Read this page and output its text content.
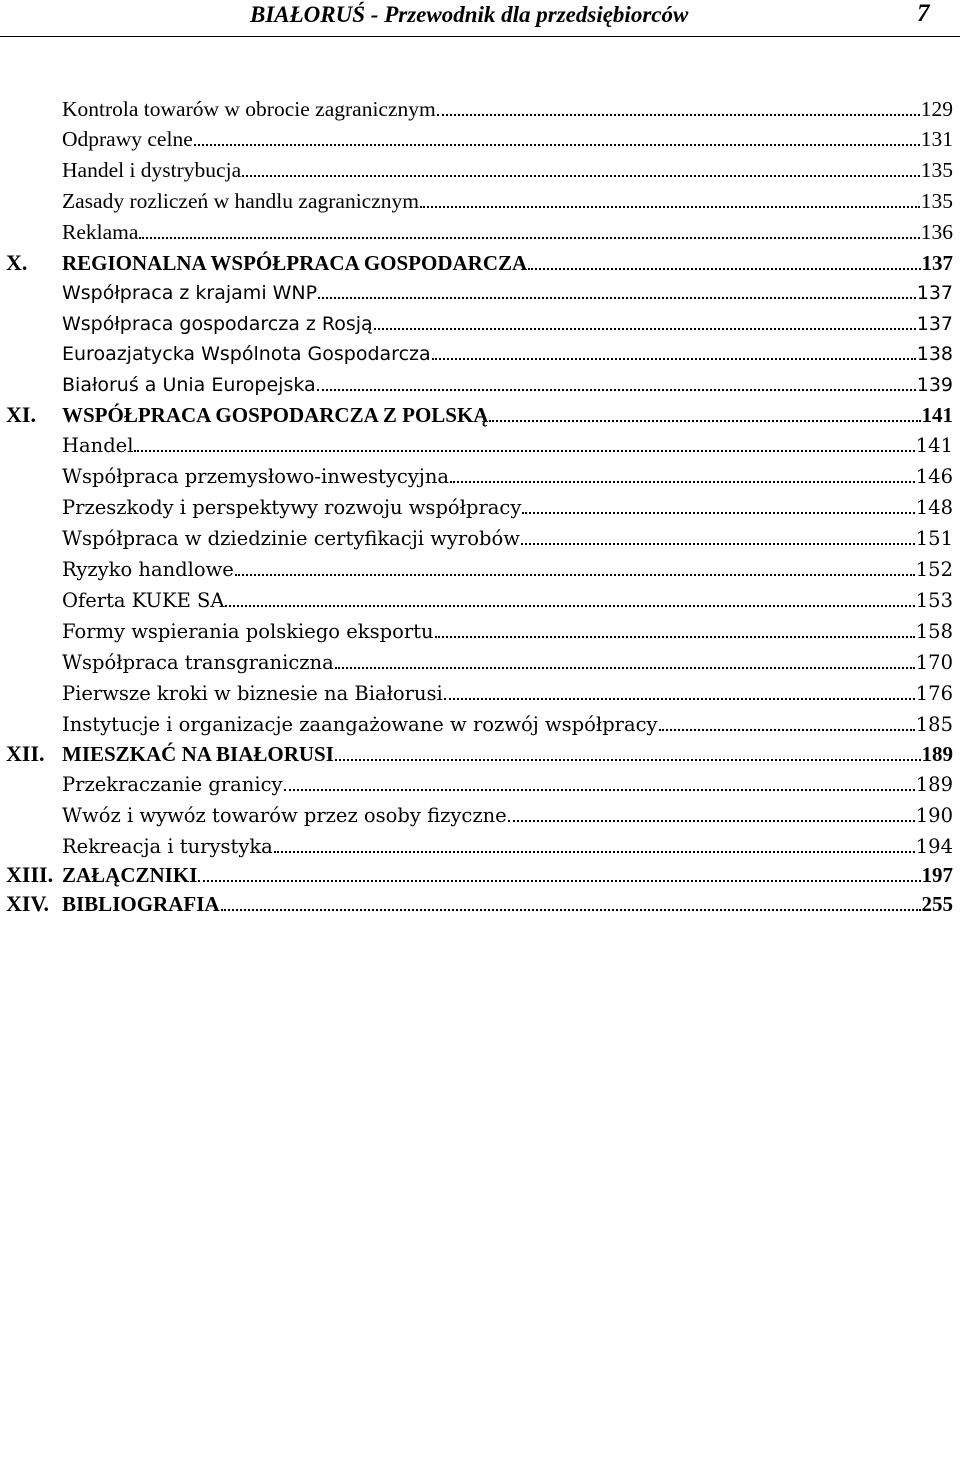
BIAŁORUŚ - Przewodnik dla przedsiębiorców	7
Kontrola towarów w obrocie zagranicznym	129
Odprawy celne	131
Handel i dystrybucja	135
Zasady rozliczeń w handlu zagranicznym	135
Reklama	136
X. REGIONALNA WSPÓŁPRACA GOSPODARCZA	137
Współpraca z krajami WNP	137
Współpraca gospodarcza z Rosją	137
Euroazjatycka Wspólnota Gospodarcza	138
Białoruś a Unia Europejska	139
XI. WSPÓŁPRACA GOSPODARCZA Z POLSKĄ	141
Handel	141
Współpraca przemysłowo-inwestycyjna	146
Przeszkody i perspektywy rozwoju współpracy	148
Współpraca w dziedzinie certyfikacji wyrobów	151
Ryzyko handlowe	152
Oferta KUKE SA	153
Formy wspierania polskiego eksportu	158
Współpraca transgraniczna	170
Pierwsze kroki w biznesie na Białorusi	176
Instytucje i organizacje zaangażowane w rozwój współpracy	185
XII. MIESZKAĆ NA BIAŁORUSI	189
Przekraczanie granicy	189
Wwóz i wywóz towarów przez osoby fizyczne	190
Rekreacja i turystyka	194
XIII. ZAŁĄCZNIKI	197
XIV. BIBLIOGRAFIA	255
